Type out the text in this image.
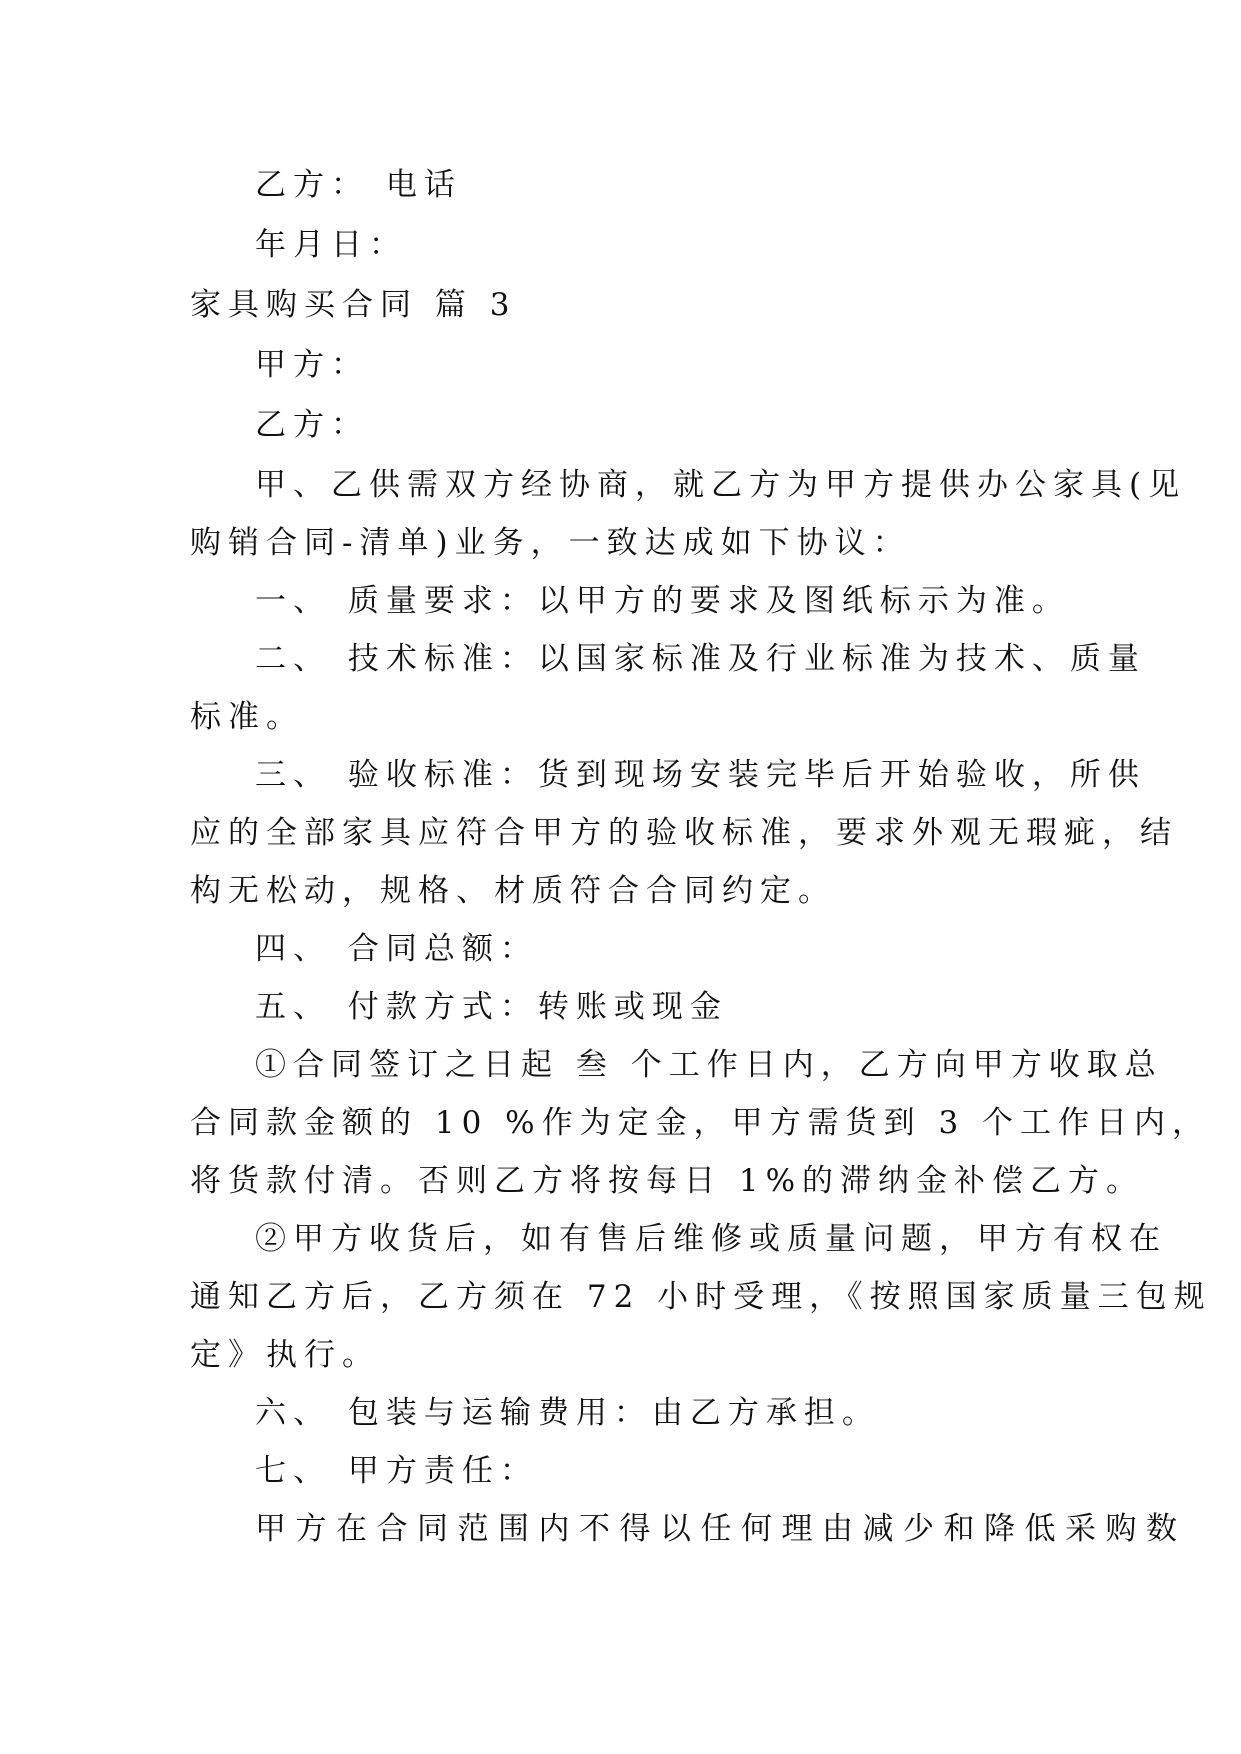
乙方： 电话
年月日：
家具购买合同 篇 3
甲方：
乙方：
甲、乙供需双方经协商，就乙方为甲方提供办公家具(见
购销合同-清单)业务，一致达成如下协议：
一、 质量要求：以甲方的要求及图纸标示为准。
二、 技术标准：以国家标准及行业标准为技术、质量
标准。
三、 验收标准：货到现场安装完毕后开始验收，所供
应的全部家具应符合甲方的验收标准，要求外观无瑕疵，结
构无松动，规格、材质符合合同约定。
四、 合同总额：
五、 付款方式：转账或现金
①合同签订之日起 叁 个工作日内，乙方向甲方收取总
合同款金额的 10 %作为定金，甲方需货到 3 个工作日内，
将货款付清。否则乙方将按每日 1%的滞纳金补偿乙方。
②甲方收货后，如有售后维修或质量问题，甲方有权在
通知乙方后，乙方须在 72 小时受理，《按照国家质量三包规
定》执行。
六、 包装与运输费用：由乙方承担。
七、 甲方责任：
甲方在合同范围内不得以任何理由减少和降低采购数
